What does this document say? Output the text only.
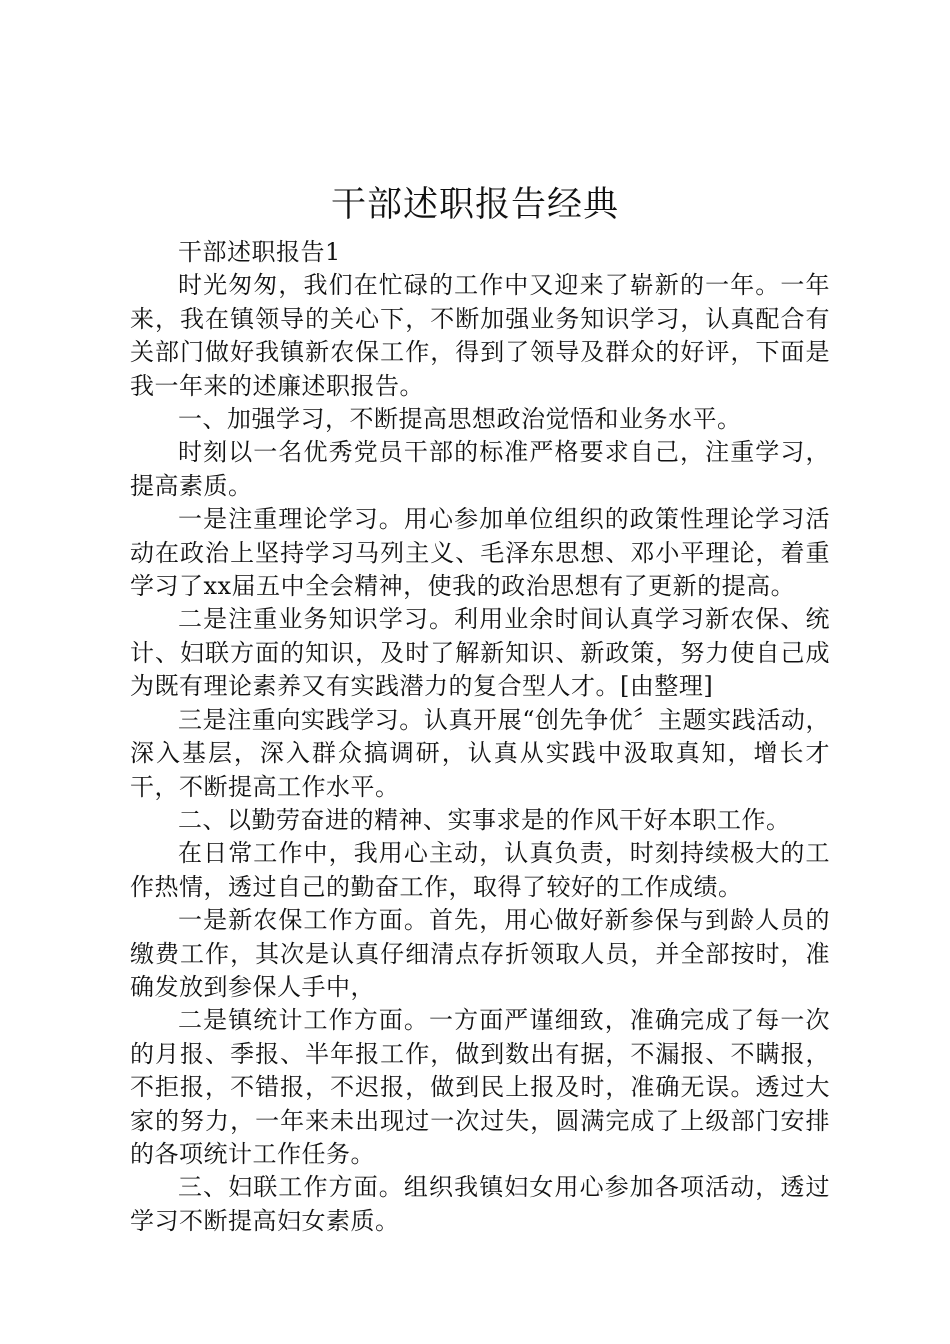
干部述职报告经典

干部述职报告1

时光匆匆，我们在忙碌的工作中又迎来了崭新的一年。一年来，我在镇领导的关心下，不断加强业务知识学习，认真配合有关部门做好我镇新农保工作，得到了领导及群众的好评，下面是我一年来的述廉述职报告。

一、加强学习，不断提高思想政治觉悟和业务水平。

时刻以一名优秀党员干部的标准严格要求自己，注重学习，提高素质。

一是注重理论学习。用心参加单位组织的政策性理论学习活动在政治上坚持学习马列主义、毛泽东思想、邓小平理论，着重学习了xx届五中全会精神，使我的政治思想有了更新的提高。

二是注重业务知识学习。利用业余时间认真学习新农保、统计、妇联方面的知识，及时了解新知识、新政策，努力使自己成为既有理论素养又有实践潜力的复合型人才。[由整理]

三是注重向实践学习。认真开展“创先争优〞主题实践活动，深入基层，深入群众搞调研，认真从实践中汲取真知，增长才干，不断提高工作水平。

二、以勤劳奋进的精神、实事求是的作风干好本职工作。

在日常工作中，我用心主动，认真负责，时刻持续极大的工作热情，透过自己的勤奋工作，取得了较好的工作成绩。

一是新农保工作方面。首先，用心做好新参保与到龄人员的缴费工作，其次是认真仔细清点存折领取人员，并全部按时，准确发放到参保人手中，

二是镇统计工作方面。一方面严谨细致，准确完成了每一次的月报、季报、半年报工作，做到数出有据，不漏报、不瞒报，不拒报，不错报，不迟报，做到民上报及时，准确无误。透过大家的努力，一年来未出现过一次过失，圆满完成了上级部门安排的各项统计工作任务。

三、妇联工作方面。组织我镇妇女用心参加各项活动，透过学习不断提高妇女素质。
